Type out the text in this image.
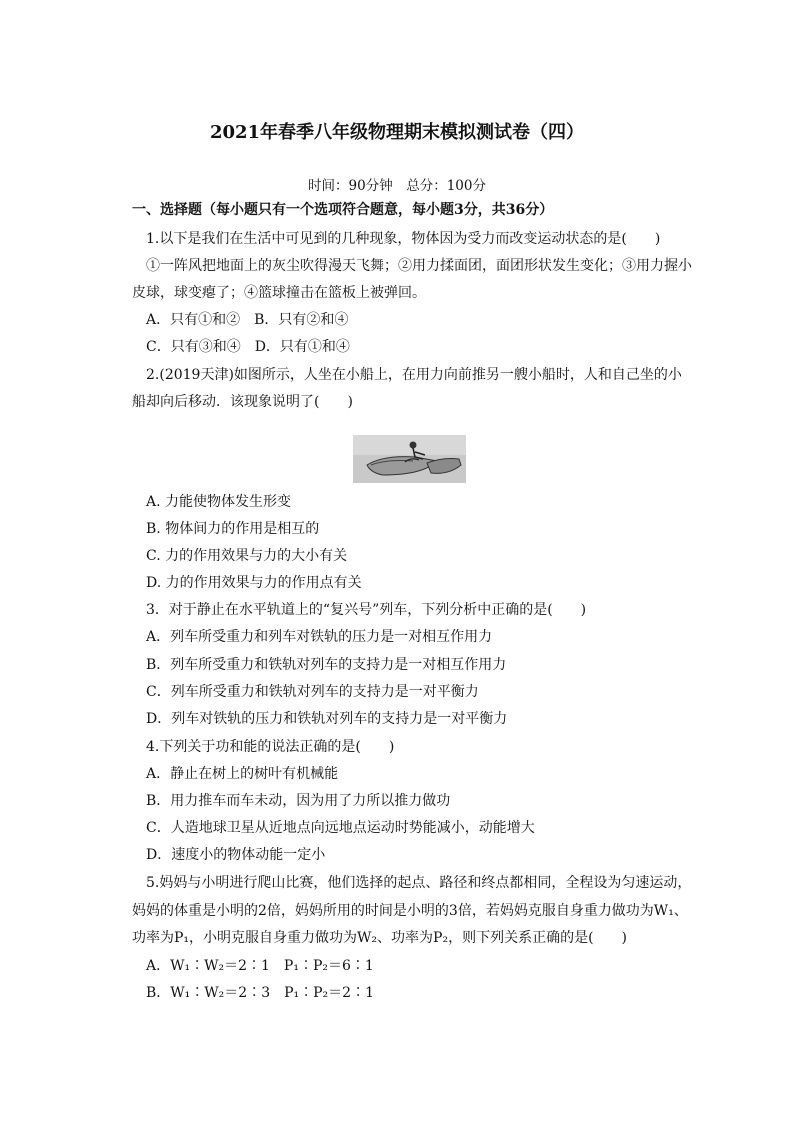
2021年春季八年级物理期末模拟测试卷（四）
时间：90分钟　总分：100分
一、选择题（每小题只有一个选项符合题意，每小题3分，共36分）
1.以下是我们在生活中可见到的几种现象，物体因为受力而改变运动状态的是(　　)
①一阵风把地面上的灰尘吹得漫天飞舞；②用力揉面团，面团形状发生变化；③用力握小
皮球，球变瘪了；④篮球撞击在篮板上被弹回。
A．只有①和②　B．只有②和④
C．只有③和④　D．只有①和④
2.(2019天津)如图所示，人坐在小船上，在用力向前推另一艘小船时，人和自己坐的小
船却向后移动．该现象说明了(　　)
A. 力能使物体发生形变
B. 物体间力的作用是相互的
C. 力的作用效果与力的大小有关
D. 力的作用效果与力的作用点有关
3．对于静止在水平轨道上的“复兴号”列车，下列分析中正确的是(　　)
A．列车所受重力和列车对铁轨的压力是一对相互作用力
B．列车所受重力和铁轨对列车的支持力是一对相互作用力
C．列车所受重力和铁轨对列车的支持力是一对平衡力
D．列车对铁轨的压力和铁轨对列车的支持力是一对平衡力
4.下列关于功和能的说法正确的是(　　)
A．静止在树上的树叶有机械能
B．用力推车而车未动，因为用了力所以推力做功
C．人造地球卫星从近地点向远地点运动时势能减小，动能增大
D．速度小的物体动能一定小
5.妈妈与小明进行爬山比赛，他们选择的起点、路径和终点都相同，全程设为匀速运动，
妈妈的体重是小明的2倍，妈妈所用的时间是小明的3倍，若妈妈克服自身重力做功为W₁、
功率为P₁，小明克服自身重力做功为W₂、功率为P₂，则下列关系正确的是(　　)
A．W₁∶W₂＝2∶1　P₁∶P₂＝6∶1
B．W₁∶W₂＝2∶3　P₁∶P₂＝2∶1
